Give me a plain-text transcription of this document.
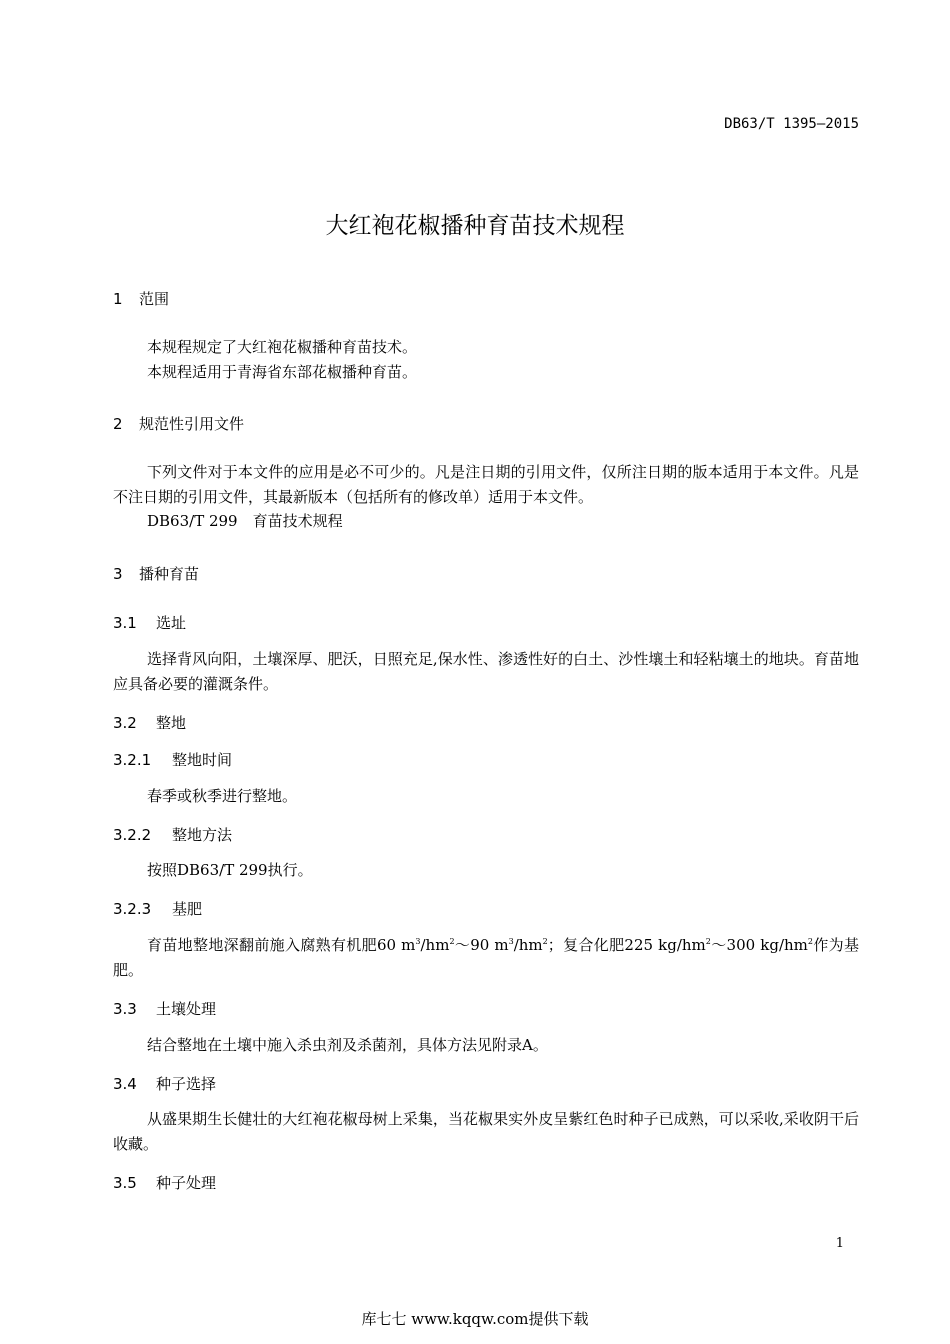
DB63/T 1395—2015
大红袍花椒播种育苗技术规程
1 范围
本规程规定了大红袍花椒播种育苗技术。
本规程适用于青海省东部花椒播种育苗。
2 规范性引用文件
下列文件对于本文件的应用是必不可少的。凡是注日期的引用文件，仅所注日期的版本适用于本文件。凡是不注日期的引用文件，其最新版本（包括所有的修改单）适用于本文件。
DB63/T 299　育苗技术规程
3 播种育苗
3.1 选址
选择背风向阳，土壤深厚、肥沃，日照充足,保水性、渗透性好的白土、沙性壤土和轻粘壤土的地块。育苗地应具备必要的灌溉条件。
3.2 整地
3.2.1 整地时间
春季或秋季进行整地。
3.2.2 整地方法
按照DB63/T 299执行。
3.2.3 基肥
育苗地整地深翻前施入腐熟有机肥60 $m^3/hm^2\sim 90$ $m^3/hm^2$；复合化肥225 $kg/hm^2\sim 300$ $kg/hm^2$作为基肥。
3.3 土壤处理
结合整地在土壤中施入杀虫剂及杀菌剂，具体方法见附录A。
3.4 种子选择
从盛果期生长健壮的大红袍花椒母树上采集，当花椒果实外皮呈紫红色时种子已成熟，可以采收,采收阴干后收藏。
3.5 种子处理
1
库七七 www.kqqw.com提供下载
